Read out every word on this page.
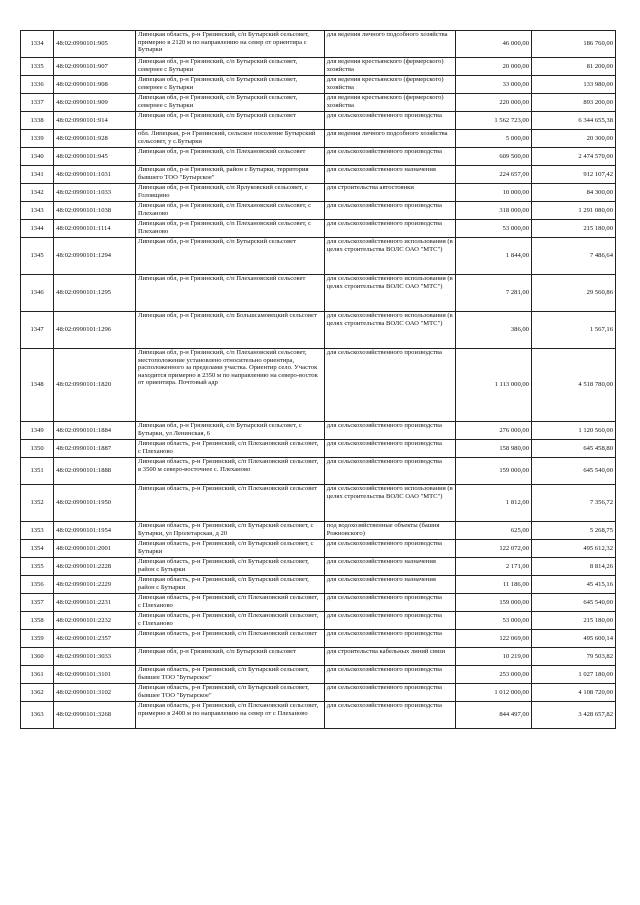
1334	48:02:0990101:905	Липецкая область, р-н Грязинский, с/п Бутырский сельсовет, примерно в 2120 м по направлению на север от ориентира с Бутырки	для ведения личного подсобного хозяйства	46 000,00	186 760,00
1335	48:02:0990101:907	Липецкая обл, р-н Грязинский, с/п Бутырский сельсовет, севернее с Бутырки	для ведения крестьянского (фермерского) хозяйства	20 000,00	81 200,00
1336	48:02:0990101:908	Липецкая обл, р-н Грязинский, с/п Бутырский сельсовет, севернее с Бутырки	для ведения крестьянского (фермерского) хозяйства	33 000,00	133 980,00
1337	48:02:0990101:909	Липецкая обл, р-н Грязинский, с/п Бутырский сельсовет, севернее с Бутырки	для ведения крестьянского (фермерского) хозяйства	220 000,00	893 200,00
1338	48:02:0990101:914	Липецкая обл, р-н Грязинский, с/п Бутырский сельсовет	для сельскохозяйственного производства	1 562 723,00	6 344 655,38
1339	48:02:0990101:928	обл. Липецкая, р-н Грязинский, сельское поселение Бутырский сельсовет, у с.Бутырки	для ведения личного подсобного хозяйства	5 000,00	20 300,00
1340	48:02:0990101:945	Липецкая обл, р-н Грязинский, с/п Плехановский сельсовет	для сельскохозяйственного производства	609 500,00	2 474 570,00
1341	48:02:0990101:1031	Липецкая обл, р-н Грязинский, район с Бутырки, территория бывшего ТОО "Бутырское"	для сельскохозяйственного назначения	224 657,00	912 107,42
1342	48:02:0990101:1033	Липецкая обл, р-н Грязинский, с/п Ярлуковский сельсовет, с Головщино	для строительства автостоянки	10 000,00	84 300,00
1343	48:02:0990101:1038	Липецкая обл, р-н Грязинский, с/п Плехановский сельсовет, с Плеханово	для сельскохозяйственного производства	318 000,00	1 291 080,00
1344	48:02:0990101:1114	Липецкая обл, р-н Грязинский, с/п Плехановский сельсовет, с Плеханово	для сельскохозяйственного производства	53 000,00	215 180,00
1345	48:02:0990101:1294	Липецкая обл, р-н Грязинский, с/п Бутырский сельсовет	для сельскохозяйственного использования (в целях строительства ВОЛС ОАО "МТС")	1 844,00	7 486,64
1346	48:02:0990101:1295	Липецкая обл, р-н Грязинский, с/п Плехановский сельсовет	для сельскохозяйственного использования (в целях строительства ВОЛС ОАО "МТС")	7 281,00	29 560,86
1347	48:02:0990101:1296	Липецкая обл, р-н Грязинский, с/п Большсамовецкий сельсовет	для сельскохозяйственного использования (в целях строительства ВОЛС ОАО "МТС")	386,00	1 567,16
1348	48:02:0990101:1820	Липецкая обл, р-н Грязинский, с/п Плехановский сельсовет, местоположение установлено относительно ориентира, расположенного за пределами участка. Ориентир село. Участок находится примерно в 2350 м по направлению на северо-восток от ориентира. Почтовый адр	для сельскохозяйственного производства	1 113 000,00	4 518 780,00
1349	48:02:0990101:1884	Липецкая обл, р-н Грязинский, с/п Бутырский сельсовет, с Бутырки, ул Ленинская, 6	для сельскохозяйственного производства	276 000,00	1 120 560,00
1350	48:02:0990101:1887	Липецкая область, р-н Грязинский, с/п Плехановский сельсовет, с Плеханово	для сельскохозяйственного производства	158 980,00	645 458,80
1351	48:02:0990101:1888	Липецкая область, р-н Грязинский, с/п Плехановский сельсовет, в 3500 м северо-восточнее с. Плеханово	для сельскохозяйственного производства	159 000,00	645 540,00
1352	48:02:0990101:1950	Липецкая область, р-н Грязинский, с/п Плехановский сельсовет	для сельскохозяйственного использования (в целях строительства ВОЛС ОАО "МТС")	1 812,00	7 356,72
1353	48:02:0990101:1954	Липецкая область, р-н Грязинский, с/п Бутырский сельсовет, с Бутырки, ул Пролетарская, д 20	под водохозяйственные объекты (башня Рожновского)	625,00	5 268,75
1354	48:02:0990101:2001	Липецкая область, р-н Грязинский, с/п Бутырский сельсовет, с Бутырки	для сельскохозяйственного производства	122 072,00	495 612,32
1355	48:02:0990101:2228	Липецкая область, р-н Грязинский, с/п Бутырский сельсовет, район с Бутырки	для сельскохозяйственного назначения	2 171,00	8 814,26
1356	48:02:0990101:2229	Липецкая область, р-н Грязинский, с/п Бутырский сельсовет, район с Бутырки	для сельскохозяйственного назначения	11 186,00	45 415,16
1357	48:02:0990101:2231	Липецкая область, р-н Грязинский, с/п Плехановский сельсовет, с Плеханово	для сельскохозяйственного производства	159 000,00	645 540,00
1358	48:02:0990101:2232	Липецкая область, р-н Грязинский, с/п Плехановский сельсовет, с Плеханово	для сельскохозяйственного производства	53 000,00	215 180,00
1359	48:02:0990101:2357	Липецкая область, р-н Грязинский, с/п Плехановский сельсовет	для сельскохозяйственного производства	122 069,00	495 600,14
1360	48:02:0990101:3033	Липецкая обл, р-н Грязинский, с/п Бутырский сельсовет	для строительства кабельных линий связи	10 219,00	79 503,82
1361	48:02:0990101:3101	Липецкая область, р-н Грязинский, с/п Бутырский сельсовет, бывшее ТОО "Бутырское"	для сельскохозяйственного производства	253 000,00	1 027 180,00
1362	48:02:0990101:3102	Липецкая область, р-н Грязинский, с/п Бутырский сельсовет, бывшее ТОО "Бутырское"	для сельскохозяйственного производства	1 012 000,00	4 108 720,00
1363	48:02:0990101:3268	Липецкая область, р-н Грязинский, с/п Плехановский сельсовет, примерно в 2400 м по направлению на север от с Плеханово	для сельскохозяйственного производства	844 497,00	3 428 657,82
